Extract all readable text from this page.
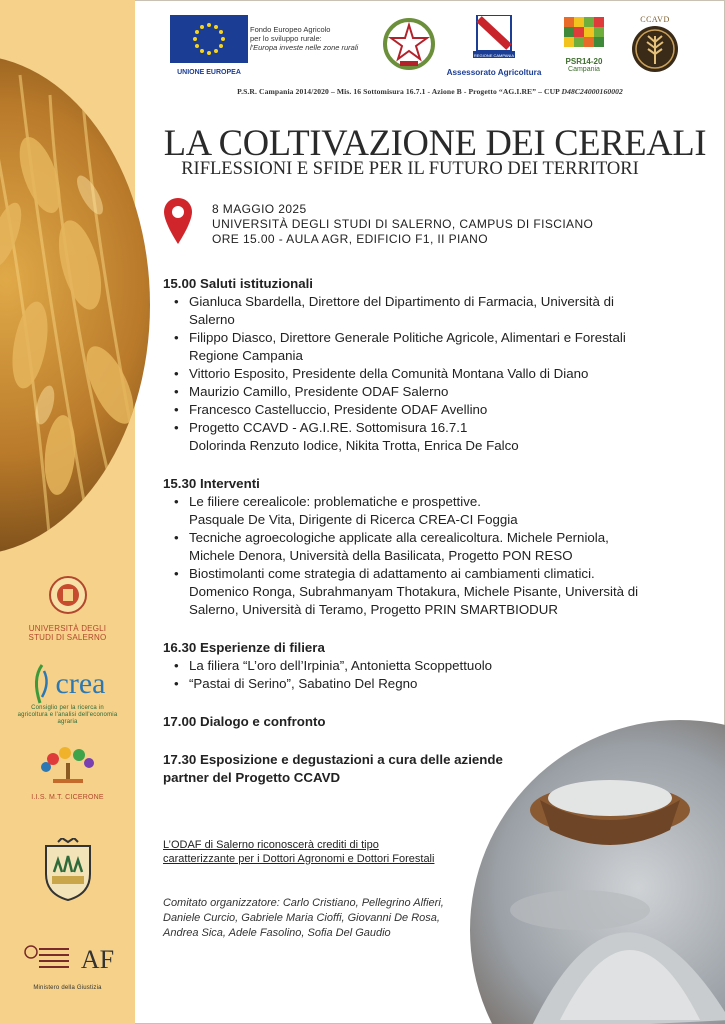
UNIVERSITÀ DEGLI STUDI DI SALERNO
crea
Consiglio per la ricerca in agricoltura e l'analisi dell'economia agraria
I.I.S. M.T. CICERONE
AF
Ministero della Giustizia
UNIONE EUROPEA
Fondo Europeo Agricolo
per lo sviluppo rurale:
l'Europa investe nelle zone rurali
REGIONE CAMPANIA
Assessorato Agricoltura
PSR14-20
Campania
CCAVD
P.S.R. Campania 2014/2020 – Mis. 16 Sottomisura 16.7.1 - Azione B - Progetto “AG.I.RE” – CUP D48C24000160002
LA COLTIVAZIONE DEI CEREALI
RIFLESSIONI E SFIDE PER IL FUTURO DEI TERRITORI
8 MAGGIO 2025
UNIVERSITÀ DEGLI STUDI DI SALERNO, CAMPUS DI FISCIANO
ORE 15.00 - AULA AGR, EDIFICIO F1, II PIANO
15.00 Saluti istituzionali
• Gianluca Sbardella, Direttore del Dipartimento di Farmacia, Università di Salerno
• Filippo Diasco, Direttore Generale Politiche Agricole, Alimentari e Forestali Regione Campania
• Vittorio Esposito, Presidente della Comunità Montana Vallo di Diano
• Maurizio Camillo, Presidente ODAF Salerno
• Francesco Castelluccio, Presidente ODAF Avellino
• Progetto CCAVD - AG.I.RE. Sottomisura 16.7.1
Dolorinda Renzuto Iodice, Nikita Trotta, Enrica De Falco
15.30 Interventi
• Le filiere cerealicole: problematiche e prospettive.
Pasquale De Vita, Dirigente di Ricerca CREA-CI Foggia
• Tecniche agroecologiche applicate alla cerealicoltura. Michele Perniola, Michele Denora, Università della Basilicata, Progetto PON RESO
• Biostimolanti come strategia di adattamento ai cambiamenti climatici. Domenico Ronga, Subrahmanyam Thotakura, Michele Pisante, Università di Salerno, Università di Teramo, Progetto PRIN SMARTBIODUR
16.30 Esperienze di filiera
• La filiera “L’oro dell’Irpinia”, Antonietta Scoppettuolo
• “Pastai di Serino”, Sabatino Del Regno
17.00 Dialogo e confronto
17.30 Esposizione e degustazioni a cura delle aziende partner del Progetto CCAVD
L’ODAF di Salerno riconoscerà crediti di tipo caratterizzante per i Dottori Agronomi e Dottori Forestali
Comitato organizzatore: Carlo Cristiano, Pellegrino Alfieri, Daniele Curcio, Gabriele Maria Cioffi, Giovanni De Rosa, Andrea Sica, Adele Fasolino, Sofia Del Gaudio
